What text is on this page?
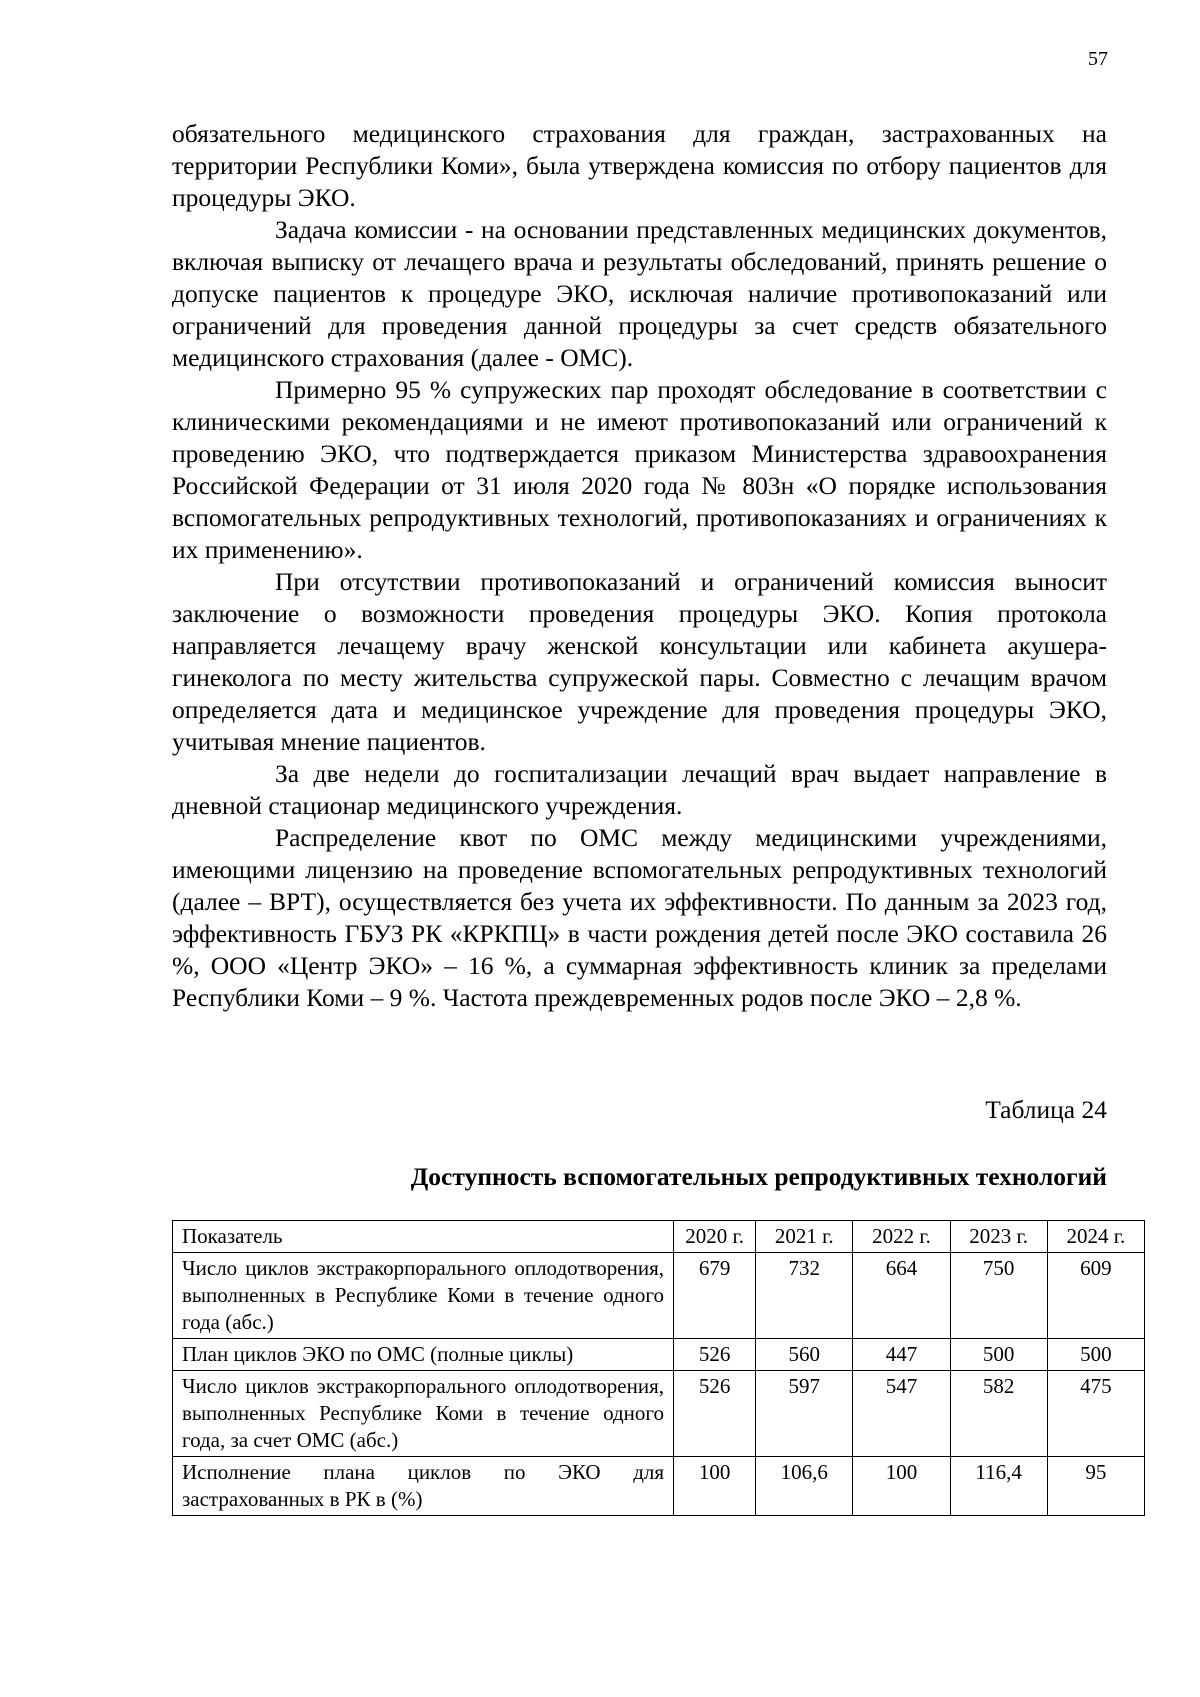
57

обязательного медицинского страхования для граждан, застрахованных на территории Республики Коми», была утверждена комиссия по отбору пациентов для процедуры ЭКО.

Задача комиссии - на основании представленных медицинских документов, включая выписку от лечащего врача и результаты обследований, принять решение о допуске пациентов к процедуре ЭКО, исключая наличие противопоказаний или ограничений для проведения данной процедуры за счет средств обязательного медицинского страхования (далее - ОМС).

Примерно 95 % супружеских пар проходят обследование в соответствии с клиническими рекомендациями и не имеют противопоказаний или ограничений к проведению ЭКО, что подтверждается приказом Министерства здравоохранения Российской Федерации от 31 июля 2020 года № 803н «О порядке использования вспомогательных репродуктивных технологий, противопоказаниях и ограничениях к их применению».

При отсутствии противопоказаний и ограничений комиссия выносит заключение о возможности проведения процедуры ЭКО. Копия протокола направляется лечащему врачу женской консультации или кабинета акушера-гинеколога по месту жительства супружеской пары. Совместно с лечащим врачом определяется дата и медицинское учреждение для проведения процедуры ЭКО, учитывая мнение пациентов.

За две недели до госпитализации лечащий врач выдает направление в дневной стационар медицинского учреждения.

Распределение квот по ОМС между медицинскими учреждениями, имеющими лицензию на проведение вспомогательных репродуктивных технологий (далее – ВРТ), осуществляется без учета их эффективности. По данным за 2023 год, эффективность ГБУЗ РК «КРКПЦ» в части рождения детей после ЭКО составила 26 %, ООО «Центр ЭКО» – 16 %, а суммарная эффективность клиник за пределами Республики Коми – 9 %. Частота преждевременных родов после ЭКО – 2,8 %.

Таблица 24
Доступность вспомогательных репродуктивных технологий
Показатель	2020 г.	2021 г.	2022 г.	2023 г.	2024 г.
Число циклов экстракорпорального оплодотворения, выполненных в Республике Коми в течение одного года (абс.)	679	732	664	750	609
План циклов ЭКО по ОМС (полные циклы)	526	560	447	500	500
Число циклов экстракорпорального оплодотворения, выполненных Республике Коми в течение одного года, за счет ОМС (абс.)	526	597	547	582	475
Исполнение плана циклов по ЭКО для застрахованных в РК в (%)	100	106,6	100	116,4	95
